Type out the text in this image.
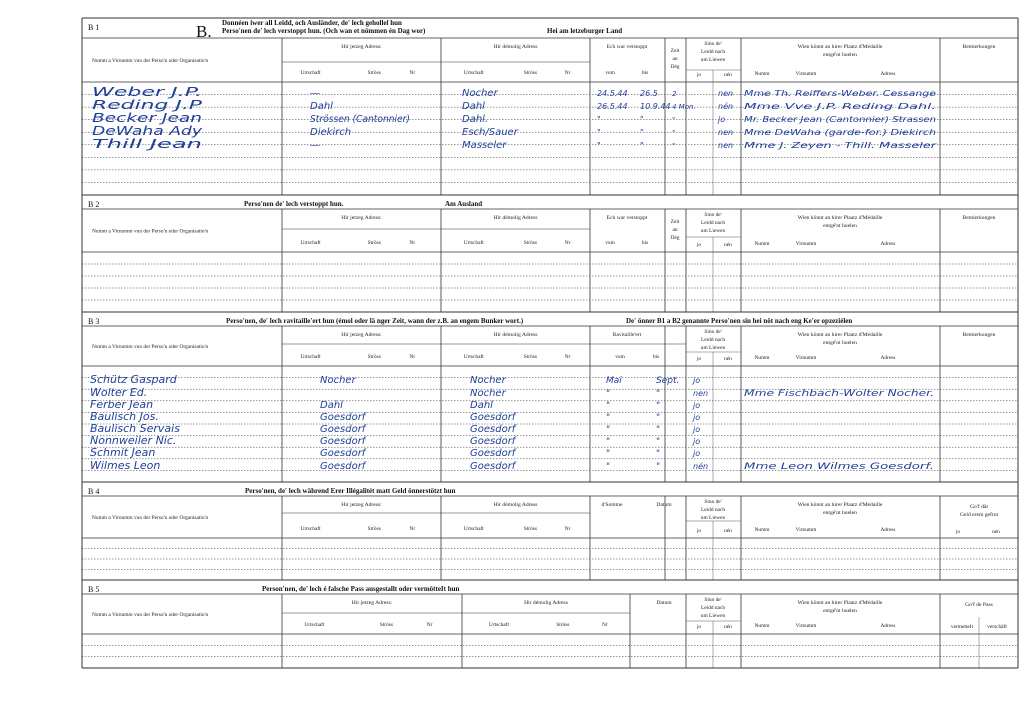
B 1	B. Donnéen iwer all Leidd, och Ausländer, de' lech geholleſ hun
Perso'nen de' lech verstoppt hun. (Och wan et nömmen én Dag wor)	Hei am letzeburger Land
Numm a Virnumm vun der Perso'n oder Organisatio'n
Hir jetzeg Adress:
Urtschaft	Ströss	Nr
Hir démolig Adress
Urtschaft	Ströss	Nr
Ech war verstoppt
vum	bis
Zeit
an
Dég
Sinn de'
Leidd nach
um Liewen
jo	nén
Wien könnt an hirer Plaatz d'Médaille
entgé'nt huelen
Numm	Virnumm	Adress
Bemierkungen
B 2	Perso'nen de' lech verstoppt hun.	Am Ausland
Numm a Virnumm vun der Perso'n oder Organisatio'n
Hir jetzeg Adress:
Urtschaft	Ströss	Nr
Hir démolig Adress
Urtschaft	Ströss	Nr
Ech war verstoppt
vum	bis
Zeit
an
Dég
Sinn de'
Leidd nach
um Liewen
jo	nén
Wien könnt an hirer Plaatz d'Médaille
entgé'nt huelen
Numm	Virnumm	Adress
Bemierkungen
B 3	Perso'nen, de' lech ravitaille'ert hun (émol oder lä nger Zeit, wann der z.B. an engem Bunker wort.)	De' önner B1 a B2 genannte Perso'nen sin hei nöt nach eng Ke'er opzeziélen
Numm a Virnumm vun der Perso'n oder Organisatio'n
Hir jetzeg Adress:
Urtschaft	Ströss	Nr
Hir démolig Adress
Urtschaft	Ströss	Nr
Ravitaille'ert
vum	bis
Sinn de'
Leidd nach
um Liewen
jo	nén
Wien könnt an hirer Plaatz d'Médaille
entgé'nt huelen
Numm	Virnumm	Adress
Bemierkungen
B 4	Perso'nen, de' lech während Erer Illégalitét matt Geld önnerstötzt hun
Numm a Virnumm vun der Perso'n oder Organisatio'n
Hir jetzeg Adress:
Urtschaft	Ströss	Nr
Hir démolig Adress
Urtschaft	Ströss	Nr
d'Somme	Datum	Sinn de'
Leidd nach
um Liewen
jo	nén
Wien könnt an hirer Plaatz d'Médaille
entgé'nt huelen
Numm	Virnumm	Adress
Go'f dät
Geld erem gefrot
jo	nén
B 5	Person'nen, de' lech é falsche Pass ausgestallt oder vermötteIt hun
Numm a Virnumm vun der Perso'n oder Organisatio'n
Hir jetzeg Adress:
Urtschaft	Ströss	Nr
Hir démolig Adress
Urtschaft	Ströss	Nr
Datum	Sinn de'
Leidd nach
um Liewen
jo	nén
Wien könnt an hirer Plaatz d'Médaille
entgé'nt huelen
Numm	Virnumm	Adress
Go'f de Pass
vermetteIt	verschäft
Weber J.P.	—	Nocher	24.5.44 26.5 2	nen Mme Th. Reiffers-Weber. Cessange
Reding J.P	Dahl	Dahl	26.5.44 10.9.44 4 Mon.	nén Mme Vve J.P. Reding Dahl.
Becker Jean	Strössen (Cantonnier)	Dahl.	"	"	"	jo Mr. Becker Jean (Cantonnier) Strassen
DeWaha Ady	Diekirch	Esch/Sauer	"	"	"	nen Mme DeWaha (garde-for.) Diekirch
Thill Jean	—	Masseler	"	"	"	nen Mme J. Zeyen - Thill. Masseler
Schütz Gaspard	Nocher	Nocher	Mai	Sept. jo
Wolter Ed.	Nocher	"	"	nen	Mme Fischbach-Wolter Nocher.
Ferber Jean	Dahl	Dahl	"	"	jo
Baulisch Jos.	Goesdorf	Goesdorf	"	"	jo
Baulisch Servais	Goesdorf	Goesdorf	"	"	jo
Nonnweiler Nic.	Goesdorf	Goesdorf	"	"	jo
Schmit Jean	Goesdorf	Goesdorf	"	"	jo
Wilmes Leon	Goesdorf	Goesdorf	"	"	nén	Mme Leon Wilmes Goesdorf.
